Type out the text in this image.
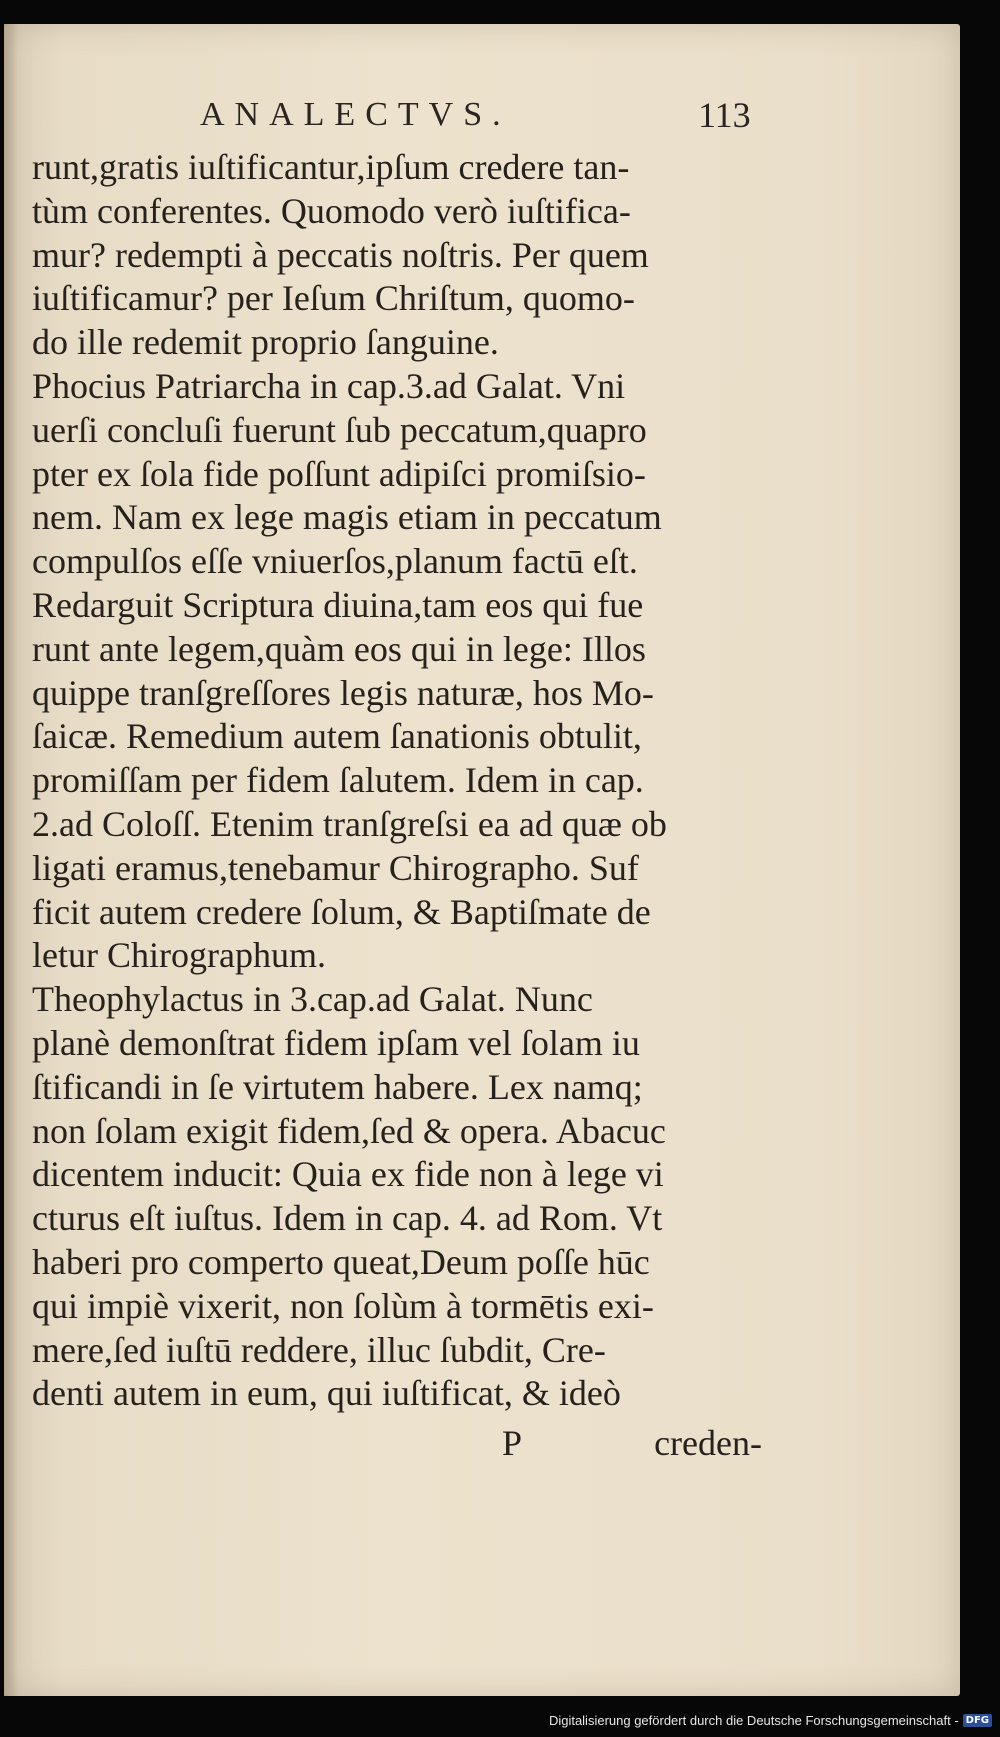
ANALECTVS.	113
runt,gratis iuſtificantur,ipſum credere tan-
tùm conferentes. Quomodo verò iuſtifica-
mur? redempti à peccatis noſtris. Per quem
iuſtificamur? per Ieſum Chriſtum, quomo-
do ille redemit proprio ſanguine.
Phocius Patriarcha in cap.3.ad Galat. Vni
uerſi concluſi fuerunt ſub peccatum,quapro
pter ex ſola fide poſſunt adipiſci promiſsio-
nem. Nam ex lege magis etiam in peccatum
compulſos eſſe vniuerſos,planum factū eſt.
Redarguit Scriptura diuina,tam eos qui fue
runt ante legem,quàm eos qui in lege: Illos
quippe tranſgreſſores legis naturæ, hos Mo-
ſaicæ. Remedium autem ſanationis obtulit,
promiſſam per fidem ſalutem. Idem in cap.
2.ad Coloſſ. Etenim tranſgreſsi ea ad quæ ob
ligati eramus,tenebamur Chirographo. Suf
ficit autem credere ſolum, & Baptiſmate de
letur Chirographum.
Theophylactus in 3.cap.ad Galat. Nunc
planè demonſtrat fidem ipſam vel ſolam iu
ſtificandi in ſe virtutem habere. Lex namq;
non ſolam exigit fidem,ſed & opera. Abacuc
dicentem inducit: Quia ex fide non à lege vi
cturus eſt iuſtus. Idem in cap. 4. ad Rom. Vt
haberi pro comperto queat,Deum poſſe hūc
qui impiè vixerit, non ſolùm à tormētis exi-
mere,ſed iuſtū reddere, illuc ſubdit, Cre-
denti autem in eum, qui iuſtificat, & ideò
P	creden-
Digitalisierung gefördert durch die Deutsche Forschungsgemeinschaft - DFG
